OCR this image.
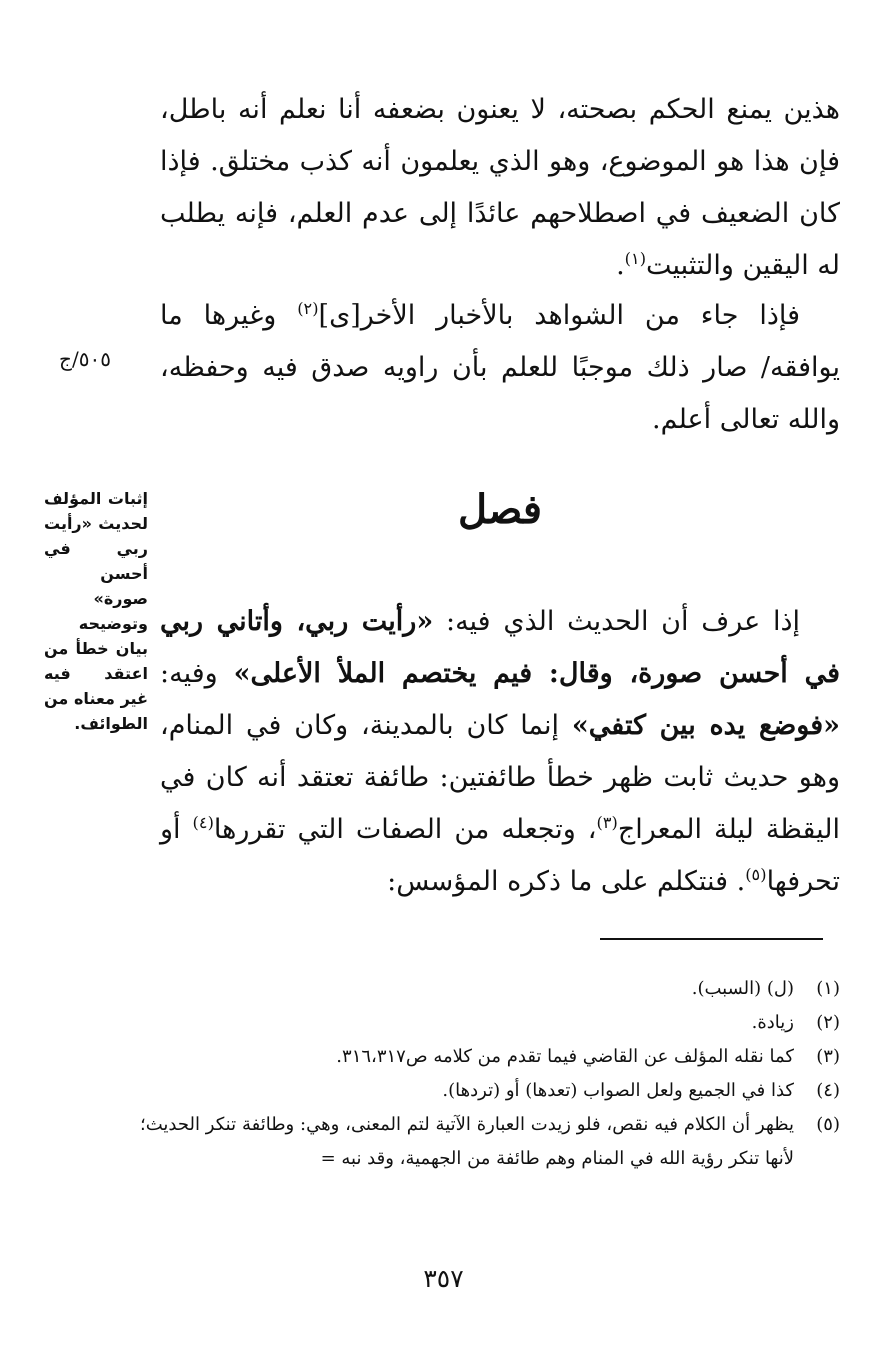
هذين يمنع الحكم بصحته، لا يعنون بضعفه أنا نعلم أنه باطل، فإن هذا هو الموضوع، وهو الذي يعلمون أنه كذب مختلق. فإذا كان الضعيف في اصطلاحهم عائدًا إلى عدم العلم، فإنه يطلب له اليقين والتثبيت$^{(١)}$.
فإذا جاء من الشواهد بالأخبار الأخر[ى]$^{(٢)}$ وغيرها ما يوافقه/ صار ذلك موجبًا للعلم بأن راويه صدق فيه وحفظه، والله تعالى أعلم.
٥٠٥/ج
فصل
إثبات المؤلف لحديث «رأيت ربي في أحسن صورة» وتوضيحه بيان خطأ من اعتقد فيه غير معناه من الطوائف.
إذا عرف أن الحديث الذي فيه: «رأيت ربي، وأتاني ربي في أحسن صورة، وقال: فيم يختصم الملأ الأعلى» وفيه: «فوضع يده بين كتفي» إنما كان بالمدينة، وكان في المنام، وهو حديث ثابت ظهر خطأ طائفتين: طائفة تعتقد أنه كان في اليقظة ليلة المعراج$^{(٣)}$، وتجعله من الصفات التي تقررها$^{(٤)}$ أو تحرفها$^{(٥)}$. فنتكلم على ما ذكره المؤسس:
(١)
(ل) (السبب).
(٢)
زيادة.
(٣)
كما نقله المؤلف عن القاضي فيما تقدم من كلامه ص٣١٦،٣١٧.
(٤)
كذا في الجميع ولعل الصواب (تعدها) أو (تردها).
(٥)
يظهر أن الكلام فيه نقص، فلو زيدت العبارة الآتية لتم المعنى، وهي: وطائفة تنكر الحديث؛ لأنها تنكر رؤية الله في المنام وهم طائفة من الجهمية، وقد نبه =
٣٥٧
